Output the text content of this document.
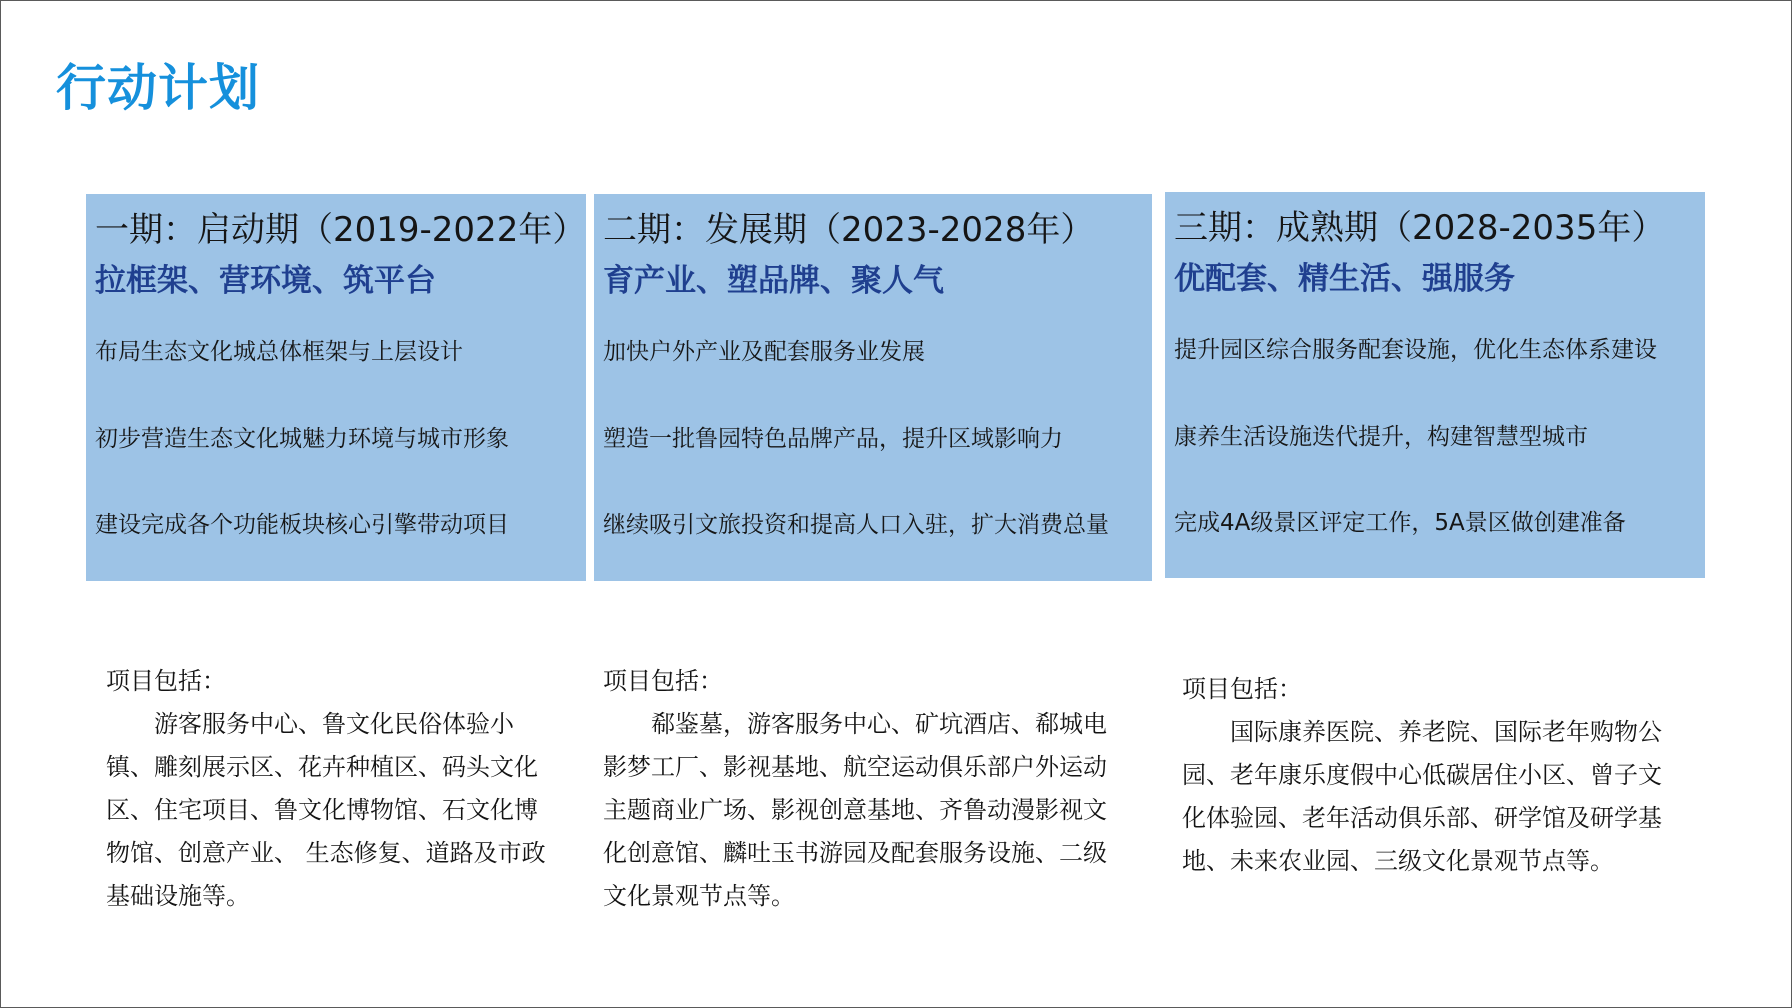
行动计划
一期：启动期（2019-2022年）
拉框架、营环境、筑平台
布局生态文化城总体框架与上层设计
初步营造生态文化城魅力环境与城市形象
建设完成各个功能板块核心引擎带动项目
二期：发展期（2023-2028年）
育产业、塑品牌、聚人气
加快户外产业及配套服务业发展
塑造一批鲁园特色品牌产品，提升区域影响力
继续吸引文旅投资和提高人口入驻，扩大消费总量
三期：成熟期（2028-2035年）
优配套、精生活、强服务
提升园区综合服务配套设施，优化生态体系建设
康养生活设施迭代提升，构建智慧型城市
完成4A级景区评定工作，5A景区做创建准备
项目包括：
游客服务中心、鲁文化民俗体验小镇、雕刻展示区、花卉种植区、码头文化区、住宅项目、鲁文化博物馆、石文化博物馆、创意产业、 生态修复、道路及市政基础设施等。
项目包括：
郗鉴墓，游客服务中心、矿坑酒店、郗城电影梦工厂、影视基地、航空运动俱乐部户外运动主题商业广场、影视创意基地、齐鲁动漫影视文化创意馆、麟吐玉书游园及配套服务设施、二级文化景观节点等。
项目包括：
国际康养医院、养老院、国际老年购物公园、老年康乐度假中心低碳居住小区、曾子文化体验园、老年活动俱乐部、研学馆及研学基地、未来农业园、三级文化景观节点等。
